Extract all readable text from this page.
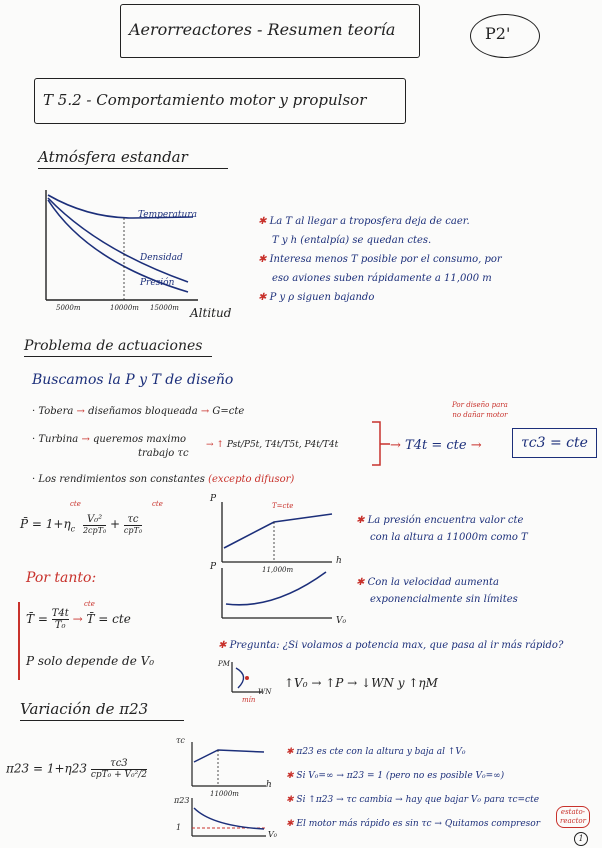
Aerorreactores - Resumen teoría	P2'
T 5.2 - Comportamiento motor y propulsor
Atmósfera estandar
Temperatura
Densidad
Presión
5000m	10000m 15000m Altitud
✱ La T al llegar a troposfera deja de caer.
T y h (entalpía) se quedan ctes.
✱ Interesa menos T posible por el consumo, por
eso aviones suben rápidamente a 11,000 m
✱ P y ρ siguen bajando
Problema de actuaciones
Buscamos la P y T de diseño
· Tobera → diseñamos bloqueada → G=cte
· Turbina → queremos maximo
trabajo τc
→ ↑ Pst/P5t, T4t/T5t, P4t/T4t	→ T4t = cte →	τc3 = cte
Por diseño para
no dañar motor
· Los rendimientos son constantes (excepto difusor)
P̄ = $1+\eta_c$
V₀²
2cpT₀ + τc
cpT₀
cte	cte	P
h
11,000m
T=cte
P
V₀
✱ La presión encuentra valor cte
con la altura a 11000m como T
✱ Con la velocidad aumenta
exponencialmente sin límites
Por tanto:
T̄ = $\frac{T4t}{\text{T₀}}$ → T̄ = cte
cte
P solo depende de V₀
✱ Pregunta: ¿Si volamos a potencia max, que pasa al ir más rápido?
PM
WN
mín
↑V₀ → ↑P → ↓WN y ↑ηM
Variación de π23
π23 = 1+η23	τc3
cpT₀ + V₀²/2
τc
h
11000m
π23
1
V₀
✱ π23 es cte con la altura y baja al ↑V₀
✱ Si V₀=∞ → π23 = 1 (pero no es posible V₀=∞)
✱ Si ↑π23 → τc cambia → hay que bajar V₀ para τc=cte
✱ El motor más rápido es sin τc → Quitamos compresor
estato-
reactor
1
